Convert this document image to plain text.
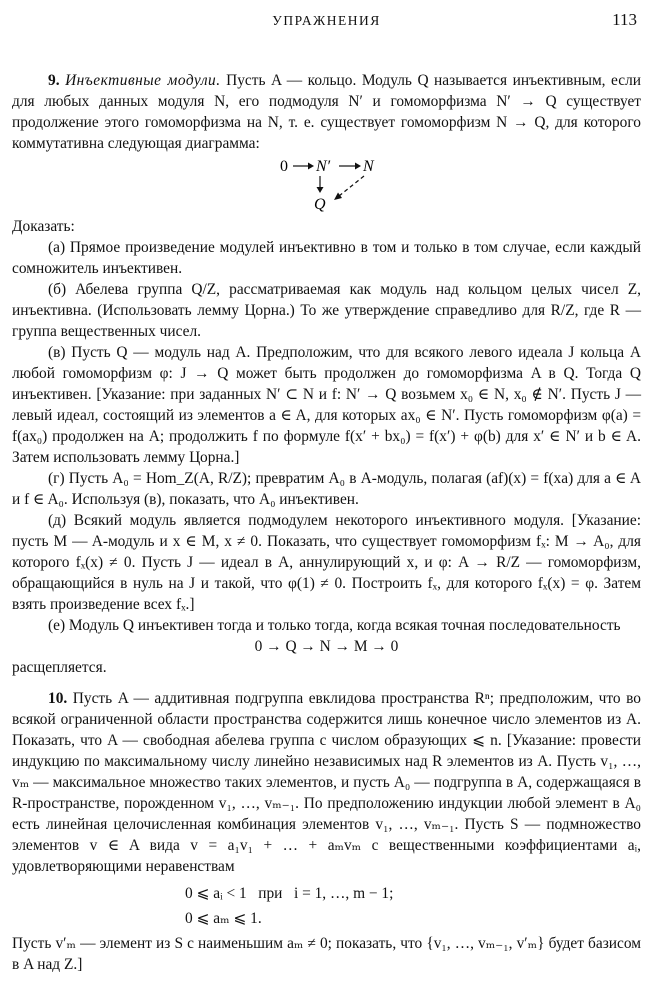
УПРАЖНЕНИЯ	113

9. Инъективные модули. Пусть A — кольцо. Модуль Q называется инъективным, если для любых данных модуля N, его подмодуля N′ и гомоморфизма N′ → Q существует продолжение этого гомоморфизма на N, т. е. существует гомоморфизм N → Q, для которого коммутативна следующая диаграмма:

0 N′ N
Q

Доказать:

(а) Прямое произведение модулей инъективно в том и только в том случае, если каждый сомножитель инъективен.

(б) Абелева группа Q/Z, рассматриваемая как модуль над кольцом целых чисел Z, инъективна. (Использовать лемму Цорна.) То же утверждение справедливо для R/Z, где R — группа вещественных чисел.

(в) Пусть Q — модуль над A. Предположим, что для всякого левого идеала J кольца A любой гомоморфизм φ: J → Q может быть продолжен до гомоморфизма A в Q. Тогда Q инъективен. [Указание: при заданных N′ ⊂ N и f: N′ → Q возьмем x₀ ∈ N, x₀ ∉ N′. Пусть J — левый идеал, состоящий из элементов a ∈ A, для которых ax₀ ∈ N′. Пусть гомоморфизм φ(a) = f(ax₀) продолжен на A; продолжить f по формуле f(x′ + bx₀) = f(x′) + φ(b) для x′ ∈ N′ и b ∈ A. Затем использовать лемму Цорна.]

(г) Пусть A₀ = Hom_Z(A, R/Z); превратим A₀ в A-модуль, полагая (af)(x) = f(xa) для a ∈ A и f ∈ A₀. Используя (в), показать, что A₀ инъективен.

(д) Всякий модуль является подмодулем некоторого инъективного модуля. [Указание: пусть M — A-модуль и x ∈ M, x ≠ 0. Показать, что существует гомоморфизм fₓ: M → A₀, для которого fₓ(x) ≠ 0. Пусть J — идеал в A, аннулирующий x, и φ: A → R/Z — гомоморфизм, обращающийся в нуль на J и такой, что φ(1) ≠ 0. Построить fₓ, для которого fₓ(x) = φ. Затем взять произведение всех fₓ.]

(е) Модуль Q инъективен тогда и только тогда, когда всякая точная последовательность

0 → Q → N → M → 0

расщепляется.

10. Пусть A — аддитивная подгруппа евклидова пространства Rⁿ; предположим, что во всякой ограниченной области пространства содержится лишь конечное число элементов из A. Показать, что A — свободная абелева группа с числом образующих ⩽ n. [Указание: провести индукцию по максимальному числу линейно независимых над R элементов из A. Пусть v₁, …, vₘ — максимальное множество таких элементов, и пусть A₀ — подгруппа в A, содержащаяся в R-пространстве, порожденном v₁, …, vₘ₋₁. По предположению индукции любой элемент в A₀ есть линейная целочисленная комбинация элементов v₁, …, vₘ₋₁. Пусть S — подмножество элементов v ∈ A вида v = a₁v₁ + … + aₘvₘ с вещественными коэффициентами aᵢ, удовлетворяющими неравенствам

0 ⩽ aᵢ < 1   при   i = 1, …, m − 1;
0 ⩽ aₘ ⩽ 1.

Пусть v′ₘ — элемент из S с наименьшим aₘ ≠ 0; показать, что {v₁, …, vₘ₋₁, v′ₘ} будет базисом в A над Z.]
